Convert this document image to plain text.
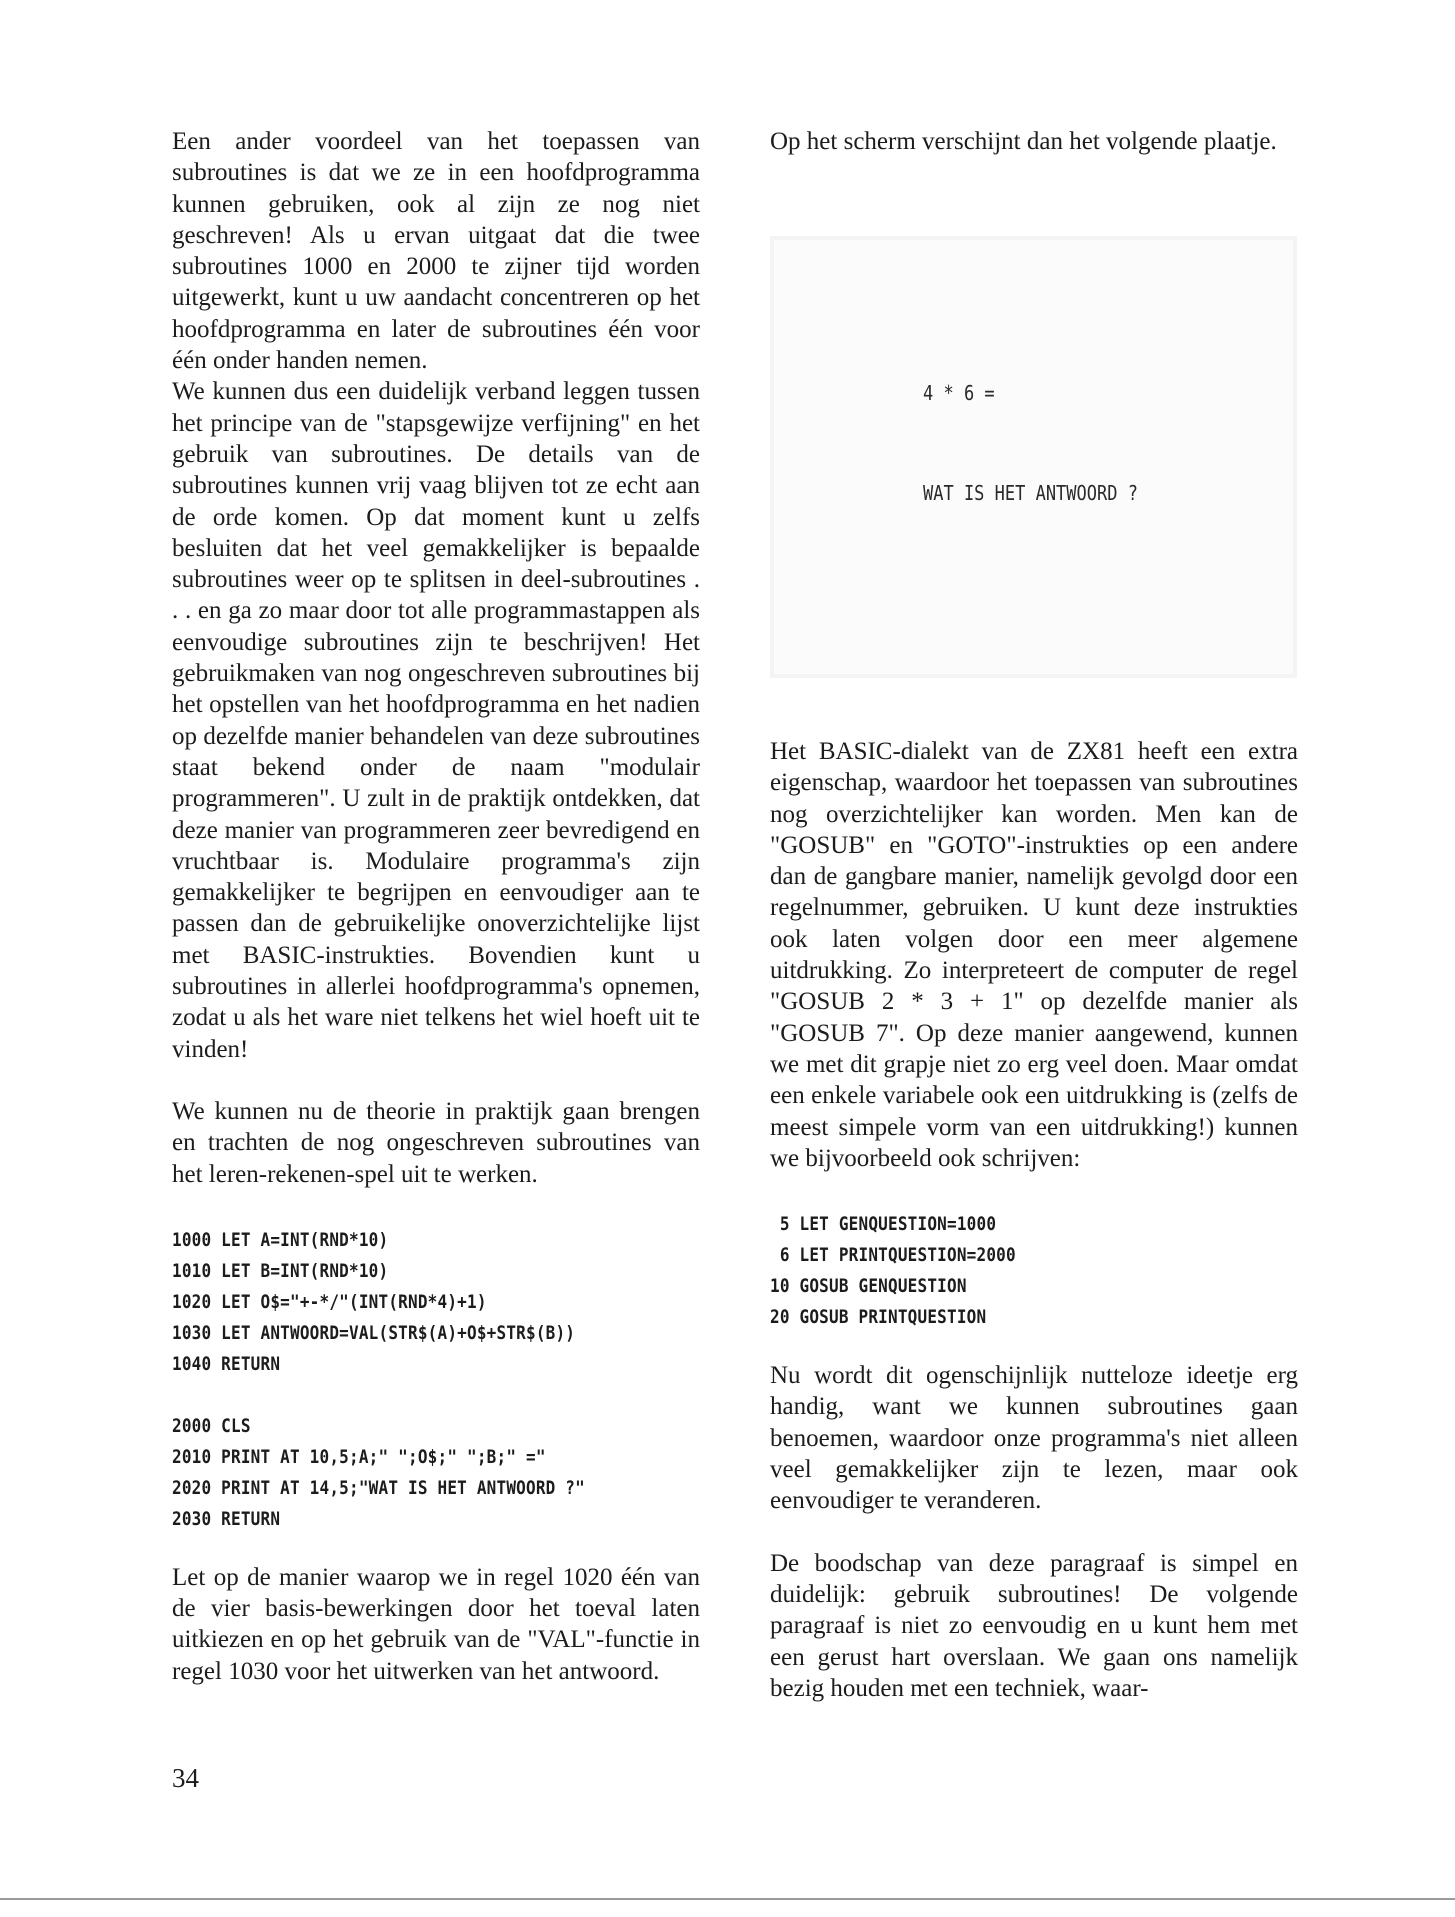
Een ander voordeel van het toepassen van subroutines is dat we ze in een hoofdprogramma kunnen gebruiken, ook al zijn ze nog niet geschreven! Als u ervan uitgaat dat die twee subroutines 1000 en 2000 te zijner tijd worden uitgewerkt, kunt u uw aandacht concentreren op het hoofdprogramma en later de subroutines één voor één onder handen nemen.

We kunnen dus een duidelijk verband leggen tussen het principe van de "stapsgewijze verfijning" en het gebruik van subroutines. De details van de subroutines kunnen vrij vaag blijven tot ze echt aan de orde komen. Op dat moment kunt u zelfs besluiten dat het veel gemakkelijker is bepaalde subroutines weer op te splitsen in deel-subroutines . . . en ga zo maar door tot alle programmastappen als eenvoudige subroutines zijn te beschrijven! Het gebruikmaken van nog ongeschreven subroutines bij het opstellen van het hoofdprogramma en het nadien op dezelfde manier behandelen van deze subroutines staat bekend onder de naam "modulair programmeren". U zult in de praktijk ontdekken, dat deze manier van programmeren zeer bevredigend en vruchtbaar is. Modulaire programma's zijn gemakkelijker te begrijpen en eenvoudiger aan te passen dan de gebruikelijke onoverzichtelijke lijst met BASIC-instrukties. Bovendien kunt u subroutines in allerlei hoofdprogramma's opnemen, zodat u als het ware niet telkens het wiel hoeft uit te vinden!

We kunnen nu de theorie in praktijk gaan brengen en trachten de nog ongeschreven subroutines van het leren-rekenen-spel uit te werken.

1000 LET A=INT(RND*10)
1010 LET B=INT(RND*10)
1020 LET O$="+-*/"(INT(RND*4)+1)
1030 LET ANTWOORD=VAL(STR$(A)+O$+STR$(B))
1040 RETURN
2000 CLS
2010 PRINT AT 10,5;A;" ";O$;" ";B;" ="
2020 PRINT AT 14,5;"WAT IS HET ANTWOORD ?"
2030 RETURN

Let op de manier waarop we in regel 1020 één van de vier basis-bewerkingen door het toeval laten uitkiezen en op het gebruik van de "VAL"-functie in regel 1030 voor het uitwerken van het antwoord.

Op het scherm verschijnt dan het volgende plaatje.

4 * 6 =
WAT IS HET ANTWOORD ?

Het BASIC-dialekt van de ZX81 heeft een extra eigenschap, waardoor het toepassen van subroutines nog overzichtelijker kan worden. Men kan de "GOSUB" en "GOTO"-instrukties op een andere dan de gangbare manier, namelijk gevolgd door een regelnummer, gebruiken. U kunt deze instrukties ook laten volgen door een meer algemene uitdrukking. Zo interpreteert de computer de regel "GOSUB 2 * 3 + 1" op dezelfde manier als "GOSUB 7". Op deze manier aangewend, kunnen we met dit grapje niet zo erg veel doen. Maar omdat een enkele variabele ook een uitdrukking is (zelfs de meest simpele vorm van een uitdrukking!) kunnen we bijvoorbeeld ook schrijven:

5 LET GENQUESTION=1000
6 LET PRINTQUESTION=2000
10 GOSUB GENQUESTION
20 GOSUB PRINTQUESTION

Nu wordt dit ogenschijnlijk nutteloze ideetje erg handig, want we kunnen subroutines gaan benoemen, waardoor onze programma's niet alleen veel gemakkelijker zijn te lezen, maar ook eenvoudiger te veranderen.

De boodschap van deze paragraaf is simpel en duidelijk: gebruik subroutines! De volgende paragraaf is niet zo eenvoudig en u kunt hem met een gerust hart overslaan. We gaan ons namelijk bezig houden met een techniek, waar-

34
